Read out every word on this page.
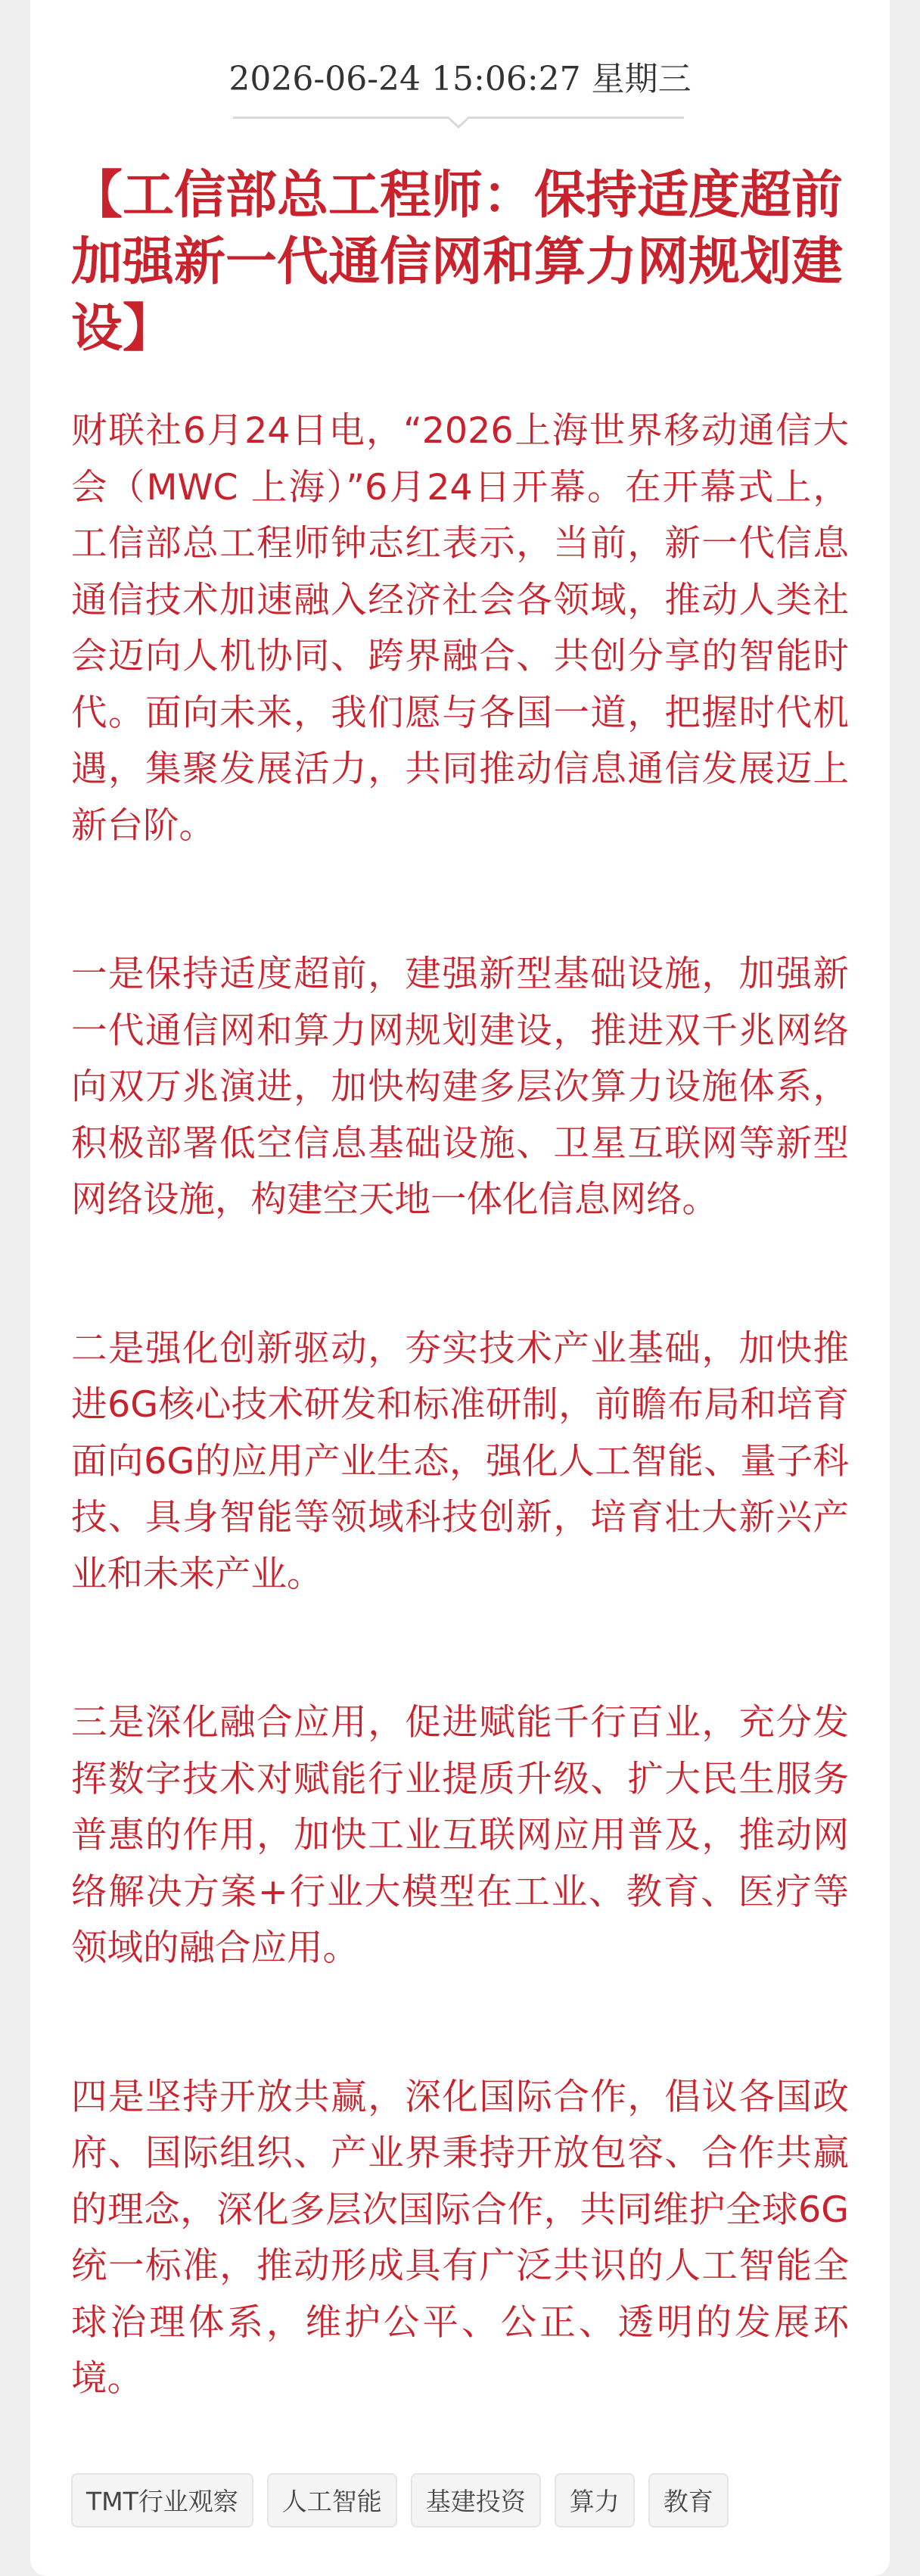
2026-06-24 15:06:27 星期三
【工信部总工程师：保持适度超前加强新一代通信网和算力网规划建设】

财联社6月24日电，“2026上海世界移动通信大会（MWC 上海）”6月24日开幕。在开幕式上，工信部总工程师钟志红表示，当前，新一代信息通信技术加速融入经济社会各领域，推动人类社会迈向人机协同、跨界融合、共创分享的智能时代。面向未来，我们愿与各国一道，把握时代机遇，集聚发展活力，共同推动信息通信发展迈上新台阶。

一是保持适度超前，建强新型基础设施，加强新一代通信网和算力网规划建设，推进双千兆网络向双万兆演进，加快构建多层次算力设施体系，积极部署低空信息基础设施、卫星互联网等新型网络设施，构建空天地一体化信息网络。

二是强化创新驱动，夯实技术产业基础，加快推进6G核心技术研发和标准研制，前瞻布局和培育面向6G的应用产业生态，强化人工智能、量子科技、具身智能等领域科技创新，培育壮大新兴产业和未来产业。

三是深化融合应用，促进赋能千行百业，充分发挥数字技术对赋能行业提质升级、扩大民生服务普惠的作用，加快工业互联网应用普及，推动网络解决方案+行业大模型在工业、教育、医疗等领域的融合应用。

四是坚持开放共赢，深化国际合作，倡议各国政府、国际组织、产业界秉持开放包容、合作共赢的理念，深化多层次国际合作，共同维护全球6G统一标准，推动形成具有广泛共识的人工智能全球治理体系，维护公平、公正、透明的发展环境。

TMT行业观察	人工智能	基建投资	算力	教育
